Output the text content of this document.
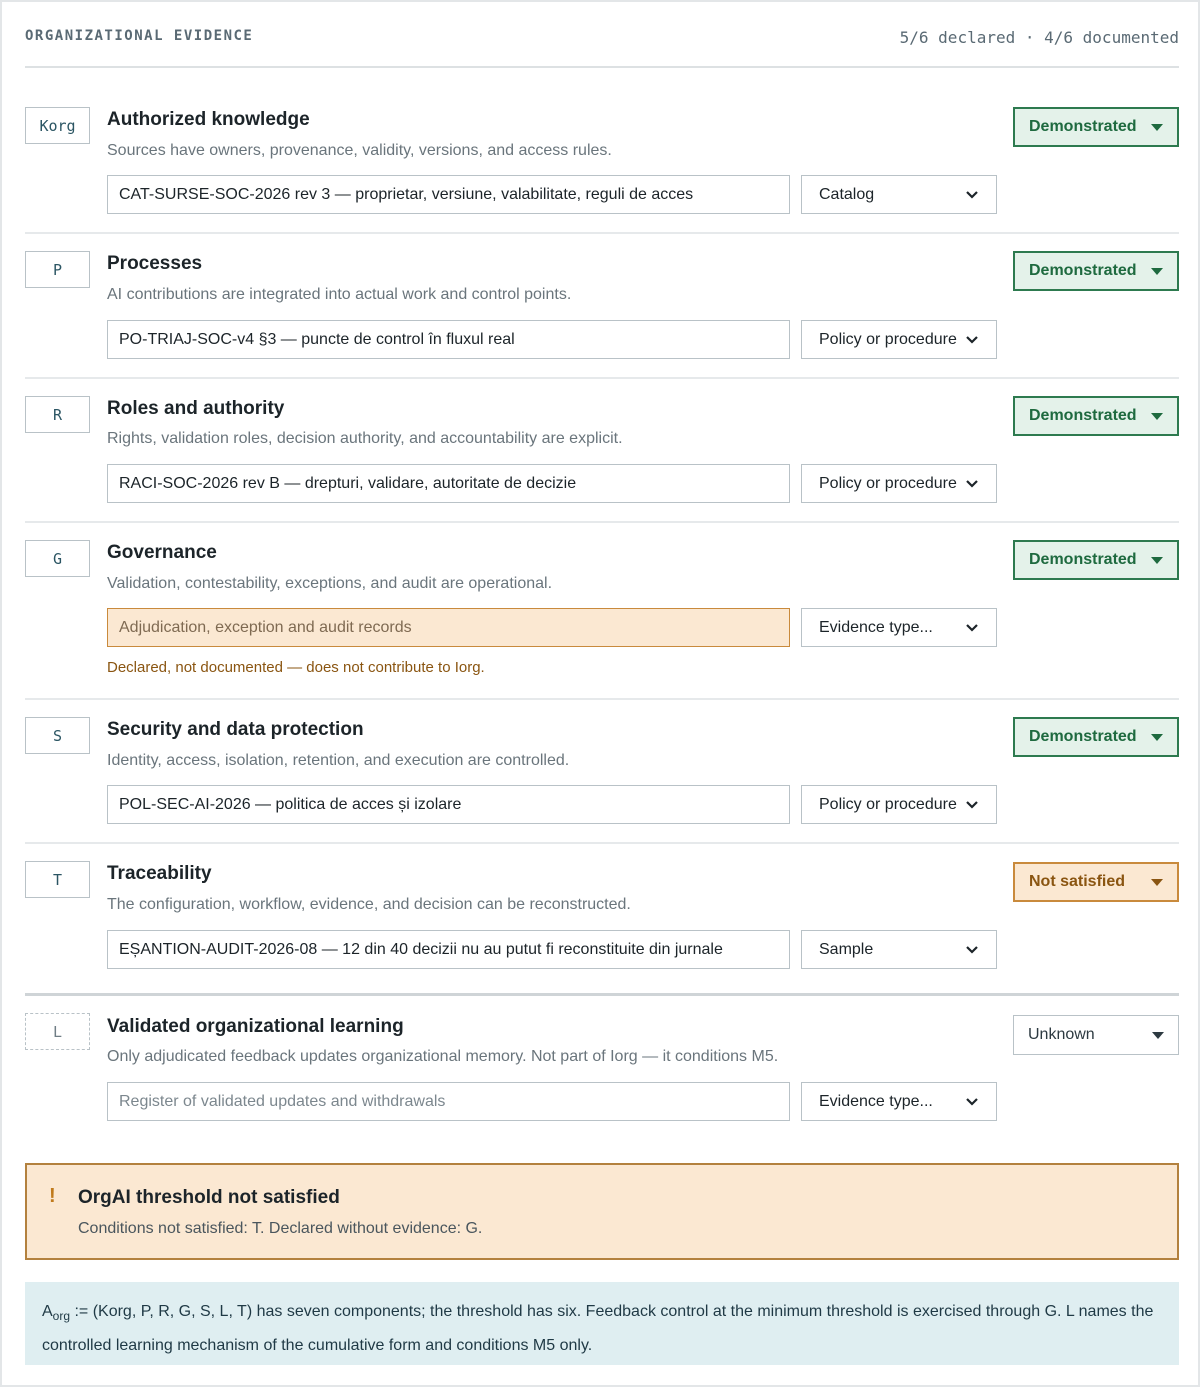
ORGANIZATIONAL EVIDENCE	5/6 declared · 4/6 documented
Korg	Authorized knowledge
Sources have owners, provenance, validity, versions, and access rules.
CAT-SURSE-SOC-2026 rev 3 — proprietar, versiune, valabilitate, reguli de acces	Catalog
Demonstrated
P	Processes
AI contributions are integrated into actual work and control points.
PO-TRIAJ-SOC-v4 §3 — puncte de control în fluxul real	Policy or procedure
Demonstrated
R	Roles and authority
Rights, validation roles, decision authority, and accountability are explicit.
RACI-SOC-2026 rev B — drepturi, validare, autoritate de decizie	Policy or procedure
Demonstrated
G	Governance
Validation, contestability, exceptions, and audit are operational.
Adjudication, exception and audit records	Evidence type...
Declared, not documented — does not contribute to Iorg.
Demonstrated
S	Security and data protection
Identity, access, isolation, retention, and execution are controlled.
POL-SEC-AI-2026 — politica de acces și izolare	Policy or procedure
Demonstrated
T	Traceability
The configuration, workflow, evidence, and decision can be reconstructed.
EȘANTION-AUDIT-2026-08 — 12 din 40 decizii nu au putut fi reconstituite din jurnale	Sample
Not satisfied
L	Validated organizational learning
Only adjudicated feedback updates organizational memory. Not part of Iorg — it conditions M5.
Register of validated updates and withdrawals	Evidence type...
Unknown
! OrgAI threshold not satisfied
Conditions not satisfied: T. Declared without evidence: G.
$A_{org}$ := (Korg, P, R, G, S, L, T) has seven components; the threshold has six. Feedback control at the minimum threshold is exercised through G. L names the controlled learning mechanism of the cumulative form and conditions M5 only.
